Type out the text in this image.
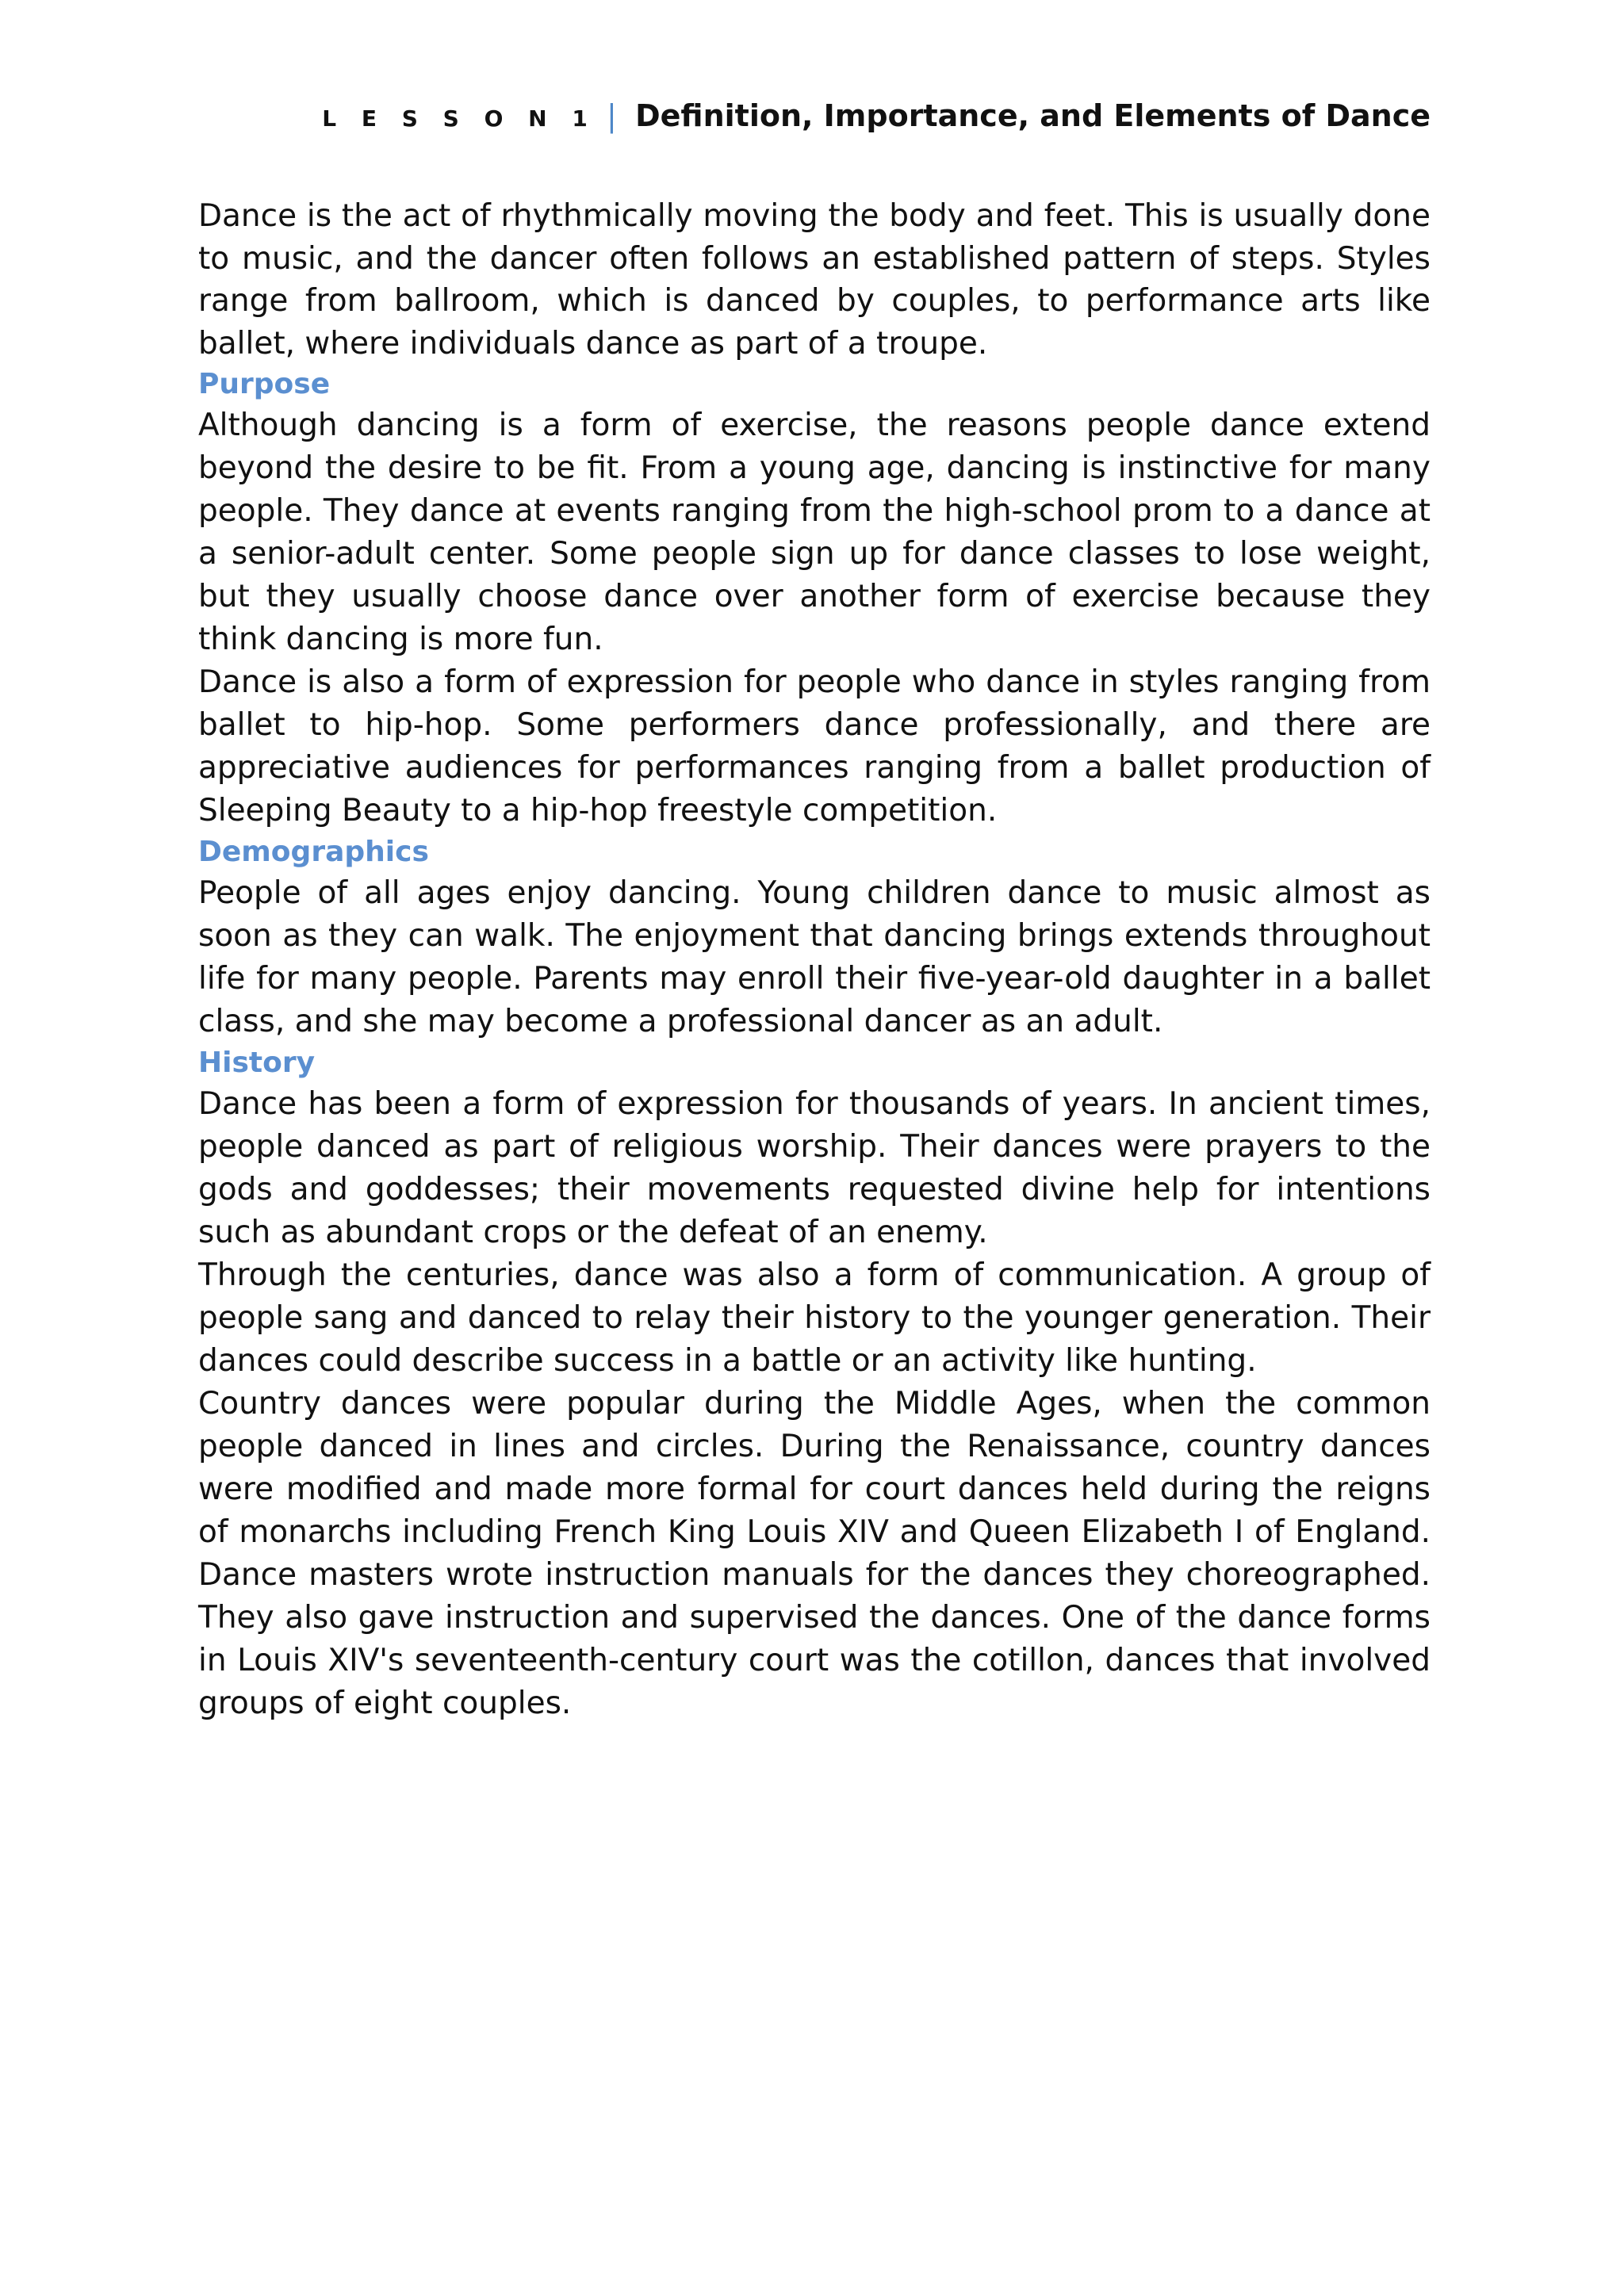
L E S S O N 1 | Definition, Importance, and Elements of Dance

Dance is the act of rhythmically moving the body and feet. This is usually done to music, and the dancer often follows an established pattern of steps. Styles range from ballroom, which is danced by couples, to performance arts like ballet, where individuals dance as part of a troupe.

Purpose

Although dancing is a form of exercise, the reasons people dance extend beyond the desire to be fit. From a young age, dancing is instinctive for many people. They dance at events ranging from the high-school prom to a dance at a senior-adult center. Some people sign up for dance classes to lose weight, but they usually choose dance over another form of exercise because they think dancing is more fun.

Dance is also a form of expression for people who dance in styles ranging from ballet to hip-hop. Some performers dance professionally, and there are appreciative audiences for performances ranging from a ballet production of Sleeping Beauty to a hip-hop freestyle competition.

Demographics

People of all ages enjoy dancing. Young children dance to music almost as soon as they can walk. The enjoyment that dancing brings extends throughout life for many people. Parents may enroll their five-year-old daughter in a ballet class, and she may become a professional dancer as an adult.

History

Dance has been a form of expression for thousands of years. In ancient times, people danced as part of religious worship. Their dances were prayers to the gods and goddesses; their movements requested divine help for intentions such as abundant crops or the defeat of an enemy.

Through the centuries, dance was also a form of communication. A group of people sang and danced to relay their history to the younger generation. Their dances could describe success in a battle or an activity like hunting.

Country dances were popular during the Middle Ages, when the common people danced in lines and circles. During the Renaissance, country dances were modified and made more formal for court dances held during the reigns of monarchs including French King Louis XIV and Queen Elizabeth I of England. Dance masters wrote instruction manuals for the dances they choreographed. They also gave instruction and supervised the dances. One of the dance forms in Louis XIV's seventeenth-century court was the cotillon, dances that involved groups of eight couples.
